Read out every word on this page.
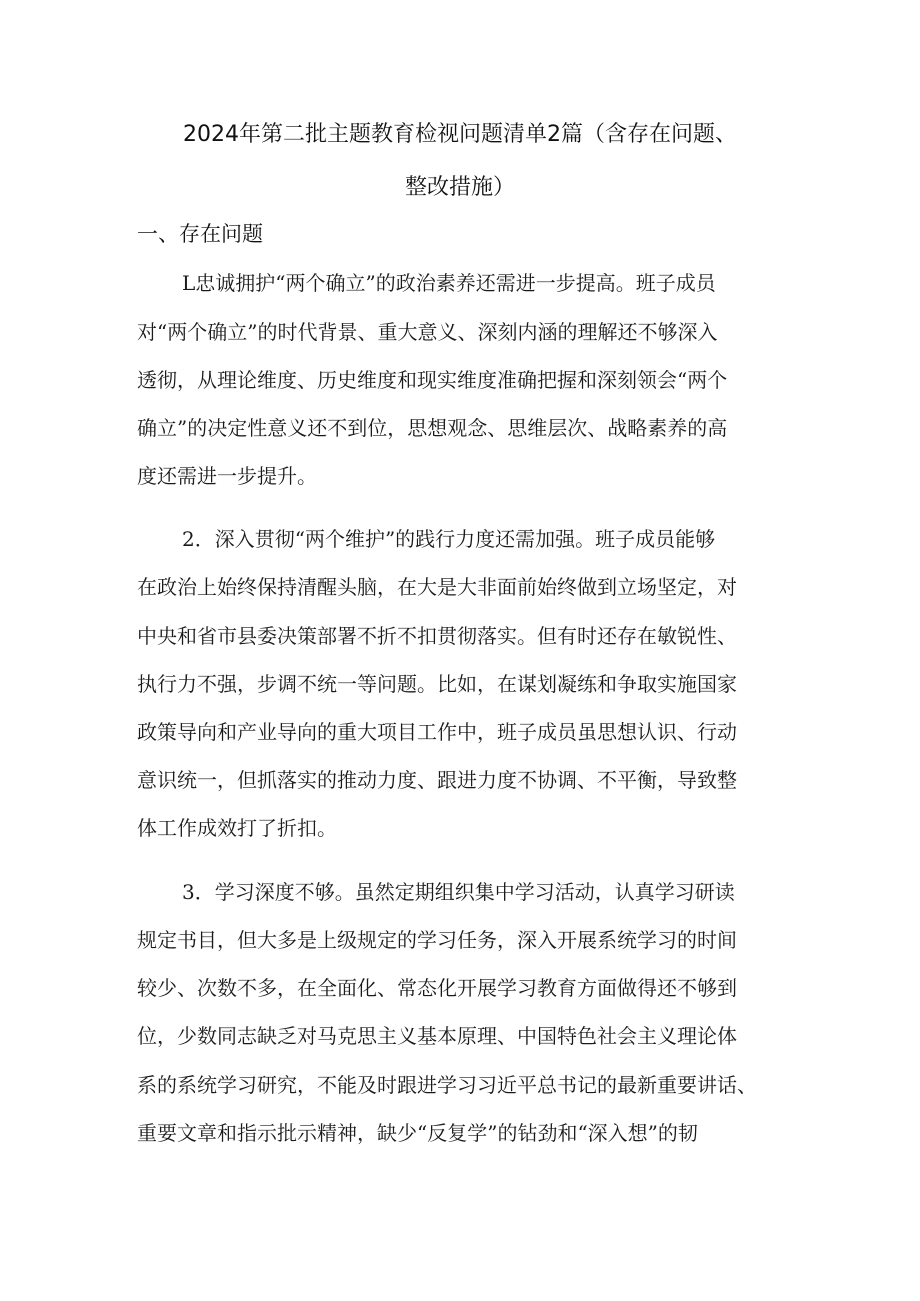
2024年第二批主题教育检视问题清单2篇（含存在问题、
整改措施）
一、存在问题
L忠诚拥护“两个确立”的政治素养还需进一步提高。班子成员
对“两个确立”的时代背景、重大意义、深刻内涵的理解还不够深入
透彻，从理论维度、历史维度和现实维度准确把握和深刻领会“两个
确立”的决定性意义还不到位，思想观念、思维层次、战略素养的高
度还需进一步提升。
2．深入贯彻“两个维护”的践行力度还需加强。班子成员能够
在政治上始终保持清醒头脑，在大是大非面前始终做到立场坚定，对
中央和省市县委决策部署不折不扣贯彻落实。但有时还存在敏锐性、
执行力不强，步调不统一等问题。比如，在谋划凝练和争取实施国家
政策导向和产业导向的重大项目工作中，班子成员虽思想认识、行动
意识统一，但抓落实的推动力度、跟进力度不协调、不平衡，导致整
体工作成效打了折扣。
3．学习深度不够。虽然定期组织集中学习活动，认真学习研读
规定书目，但大多是上级规定的学习任务，深入开展系统学习的时间
较少、次数不多，在全面化、常态化开展学习教育方面做得还不够到
位，少数同志缺乏对马克思主义基本原理、中国特色社会主义理论体
系的系统学习研究，不能及时跟进学习习近平总书记的最新重要讲话、
重要文章和指示批示精神，缺少“反复学”的钻劲和“深入想”的韧
